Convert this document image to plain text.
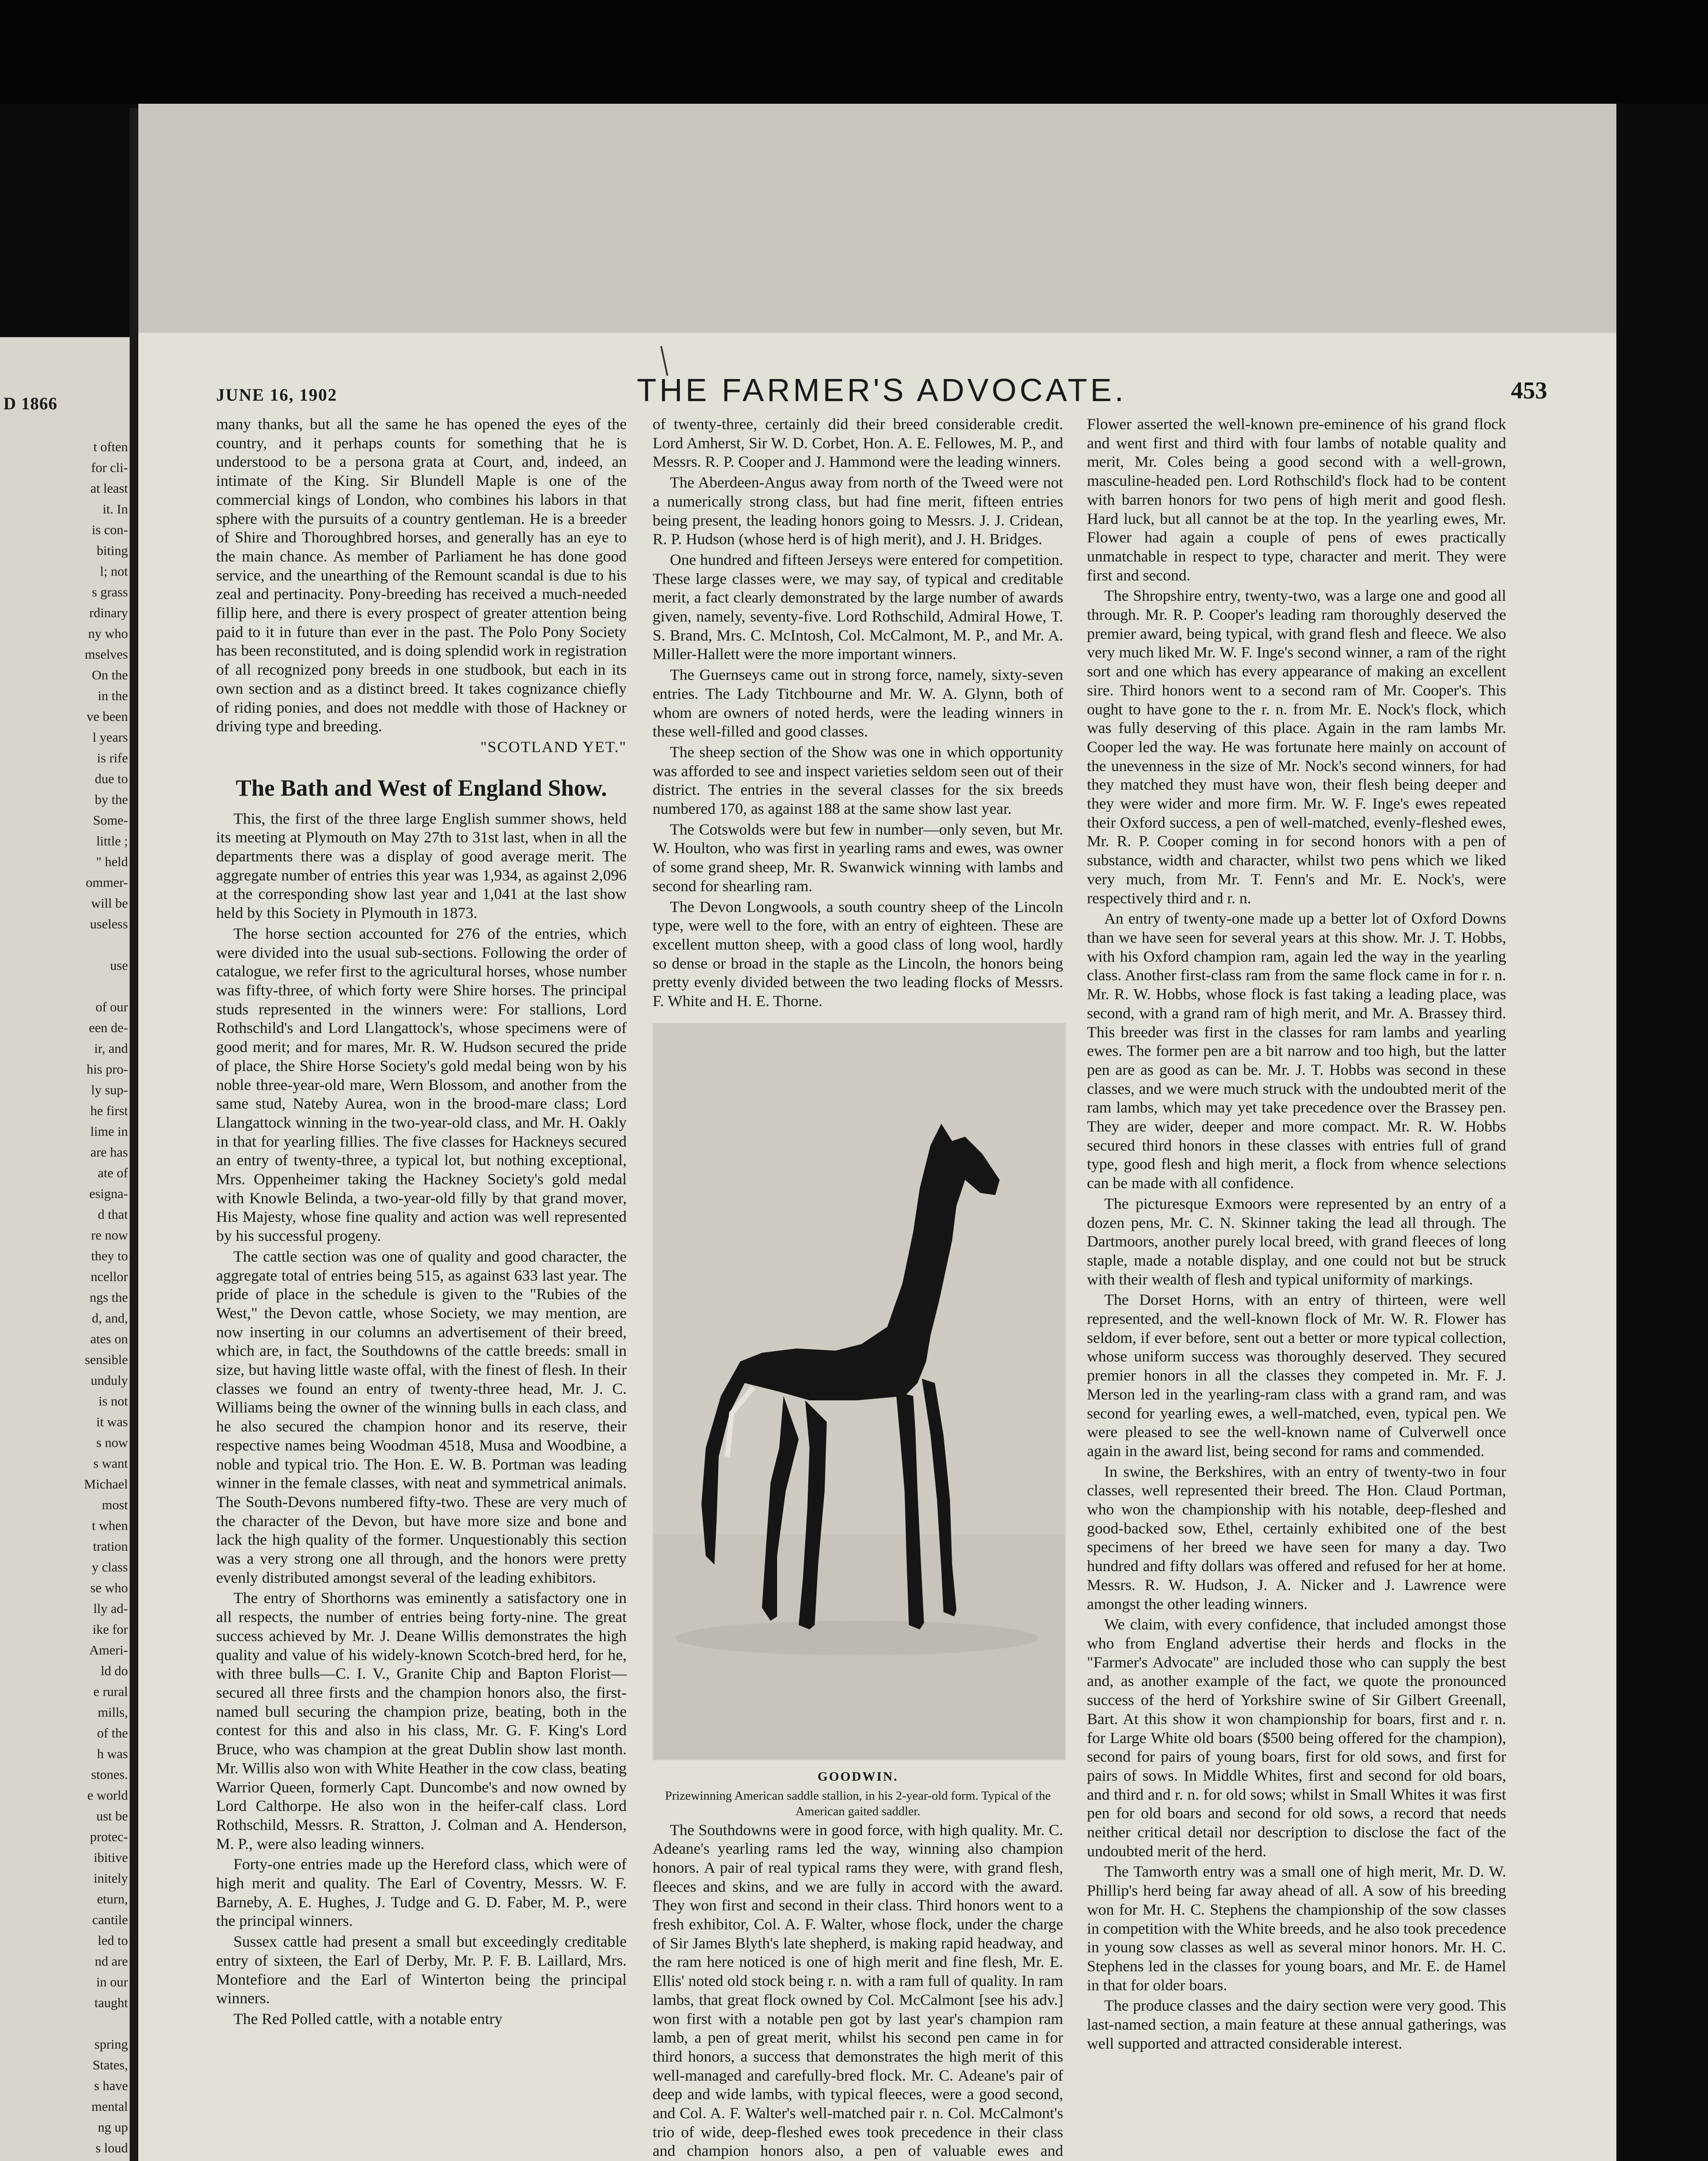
D 1866
t often
for cli-
at least
it. In
is con-
biting
l; not
s grass
rdinary
ny who
mselves
On the
in the
ve been
l years
is rife
due to
by the
Some-
little ;
" held
ommer-
will be
useless

use

of our
een de-
ir, and
his pro-
ly sup-
he first
lime in
are has
ate of
esigna-
d that
re now
they to
ncellor
ngs the
d, and,
ates on
sensible
unduly
is not
it was
s now
s want
Michael
most
t when
tration
y class
se who
lly ad-
ike for
Ameri-
ld do
e rural
mills,
of the
h was
stones.
e world
ust be
protec-
ibitive
initely
eturn,
cantile
led to
nd are
in our
taught

spring
States,
s have
mental
ng up
s loud

JUNE 16, 1902	THE FARMER'S ADVOCATE.	453

many thanks, but all the same he has opened the eyes of the country, and it perhaps counts for something that he is understood to be a persona grata at Court, and, indeed, an intimate of the King. Sir Blundell Maple is one of the commercial kings of London, who combines his labors in that sphere with the pursuits of a country gentleman. He is a breeder of Shire and Thoroughbred horses, and generally has an eye to the main chance. As member of Parliament he has done good service, and the unearthing of the Remount scandal is due to his zeal and pertinacity. Pony-breeding has received a much-needed fillip here, and there is every prospect of greater attention being paid to it in future than ever in the past. The Polo Pony Society has been reconstituted, and is doing splendid work in registration of all recognized pony breeds in one studbook, but each in its own section and as a distinct breed. It takes cognizance chiefly of riding ponies, and does not meddle with those of Hackney or driving type and breeding.

"SCOTLAND YET."

The Bath and West of England Show.

This, the first of the three large English summer shows, held its meeting at Plymouth on May 27th to 31st last, when in all the departments there was a display of good average merit. The aggregate number of entries this year was 1,934, as against 2,096 at the corresponding show last year and 1,041 at the last show held by this Society in Plymouth in 1873.

The horse section accounted for 276 of the entries, which were divided into the usual sub-sections. Following the order of catalogue, we refer first to the agricultural horses, whose number was fifty-three, of which forty were Shire horses. The principal studs represented in the winners were: For stallions, Lord Rothschild's and Lord Llangattock's, whose specimens were of good merit; and for mares, Mr. R. W. Hudson secured the pride of place, the Shire Horse Society's gold medal being won by his noble three-year-old mare, Wern Blossom, and another from the same stud, Nateby Aurea, won in the brood-mare class; Lord Llangattock winning in the two-year-old class, and Mr. H. Oakly in that for yearling fillies. The five classes for Hackneys secured an entry of twenty-three, a typical lot, but nothing exceptional, Mrs. Oppenheimer taking the Hackney Society's gold medal with Knowle Belinda, a two-year-old filly by that grand mover, His Majesty, whose fine quality and action was well represented by his successful progeny.

The cattle section was one of quality and good character, the aggregate total of entries being 515, as against 633 last year. The pride of place in the schedule is given to the "Rubies of the West," the Devon cattle, whose Society, we may mention, are now inserting in our columns an advertisement of their breed, which are, in fact, the Southdowns of the cattle breeds: small in size, but having little waste offal, with the finest of flesh. In their classes we found an entry of twenty-three head, Mr. J. C. Williams being the owner of the winning bulls in each class, and he also secured the champion honor and its reserve, their respective names being Woodman 4518, Musa and Woodbine, a noble and typical trio. The Hon. E. W. B. Portman was leading winner in the female classes, with neat and symmetrical animals. The South-Devons numbered fifty-two. These are very much of the character of the Devon, but have more size and bone and lack the high quality of the former. Unquestionably this section was a very strong one all through, and the honors were pretty evenly distributed amongst several of the leading exhibitors.

The entry of Shorthorns was eminently a satisfactory one in all respects, the number of entries being forty-nine. The great success achieved by Mr. J. Deane Willis demonstrates the high quality and value of his widely-known Scotch-bred herd, for he, with three bulls—C. I. V., Granite Chip and Bapton Florist—secured all three firsts and the champion honors also, the first-named bull securing the champion prize, beating, both in the contest for this and also in his class, Mr. G. F. King's Lord Bruce, who was champion at the great Dublin show last month. Mr. Willis also won with White Heather in the cow class, beating Warrior Queen, formerly Capt. Duncombe's and now owned by Lord Calthorpe. He also won in the heifer-calf class. Lord Rothschild, Messrs. R. Stratton, J. Colman and A. Henderson, M. P., were also leading winners.

Forty-one entries made up the Hereford class, which were of high merit and quality. The Earl of Coventry, Messrs. W. F. Barneby, A. E. Hughes, J. Tudge and G. D. Faber, M. P., were the principal winners.

Sussex cattle had present a small but exceedingly creditable entry of sixteen, the Earl of Derby, Mr. P. F. B. Laillard, Mrs. Montefiore and the Earl of Winterton being the principal winners.

The Red Polled cattle, with a notable entry

of twenty-three, certainly did their breed considerable credit. Lord Amherst, Sir W. D. Corbet, Hon. A. E. Fellowes, M. P., and Messrs. R. P. Cooper and J. Hammond were the leading winners.

The Aberdeen-Angus away from north of the Tweed were not a numerically strong class, but had fine merit, fifteen entries being present, the leading honors going to Messrs. J. J. Cridean, R. P. Hudson (whose herd is of high merit), and J. H. Bridges.

One hundred and fifteen Jerseys were entered for competition. These large classes were, we may say, of typical and creditable merit, a fact clearly demonstrated by the large number of awards given, namely, seventy-five. Lord Rothschild, Admiral Howe, T. S. Brand, Mrs. C. McIntosh, Col. McCalmont, M. P., and Mr. A. Miller-Hallett were the more important winners.

The Guernseys came out in strong force, namely, sixty-seven entries. The Lady Titchbourne and Mr. W. A. Glynn, both of whom are owners of noted herds, were the leading winners in these well-filled and good classes.

The sheep section of the Show was one in which opportunity was afforded to see and inspect varieties seldom seen out of their district. The entries in the several classes for the six breeds numbered 170, as against 188 at the same show last year.

The Cotswolds were but few in number—only seven, but Mr. W. Houlton, who was first in yearling rams and ewes, was owner of some grand sheep, Mr. R. Swanwick winning with lambs and second for shearling ram.

The Devon Longwools, a south country sheep of the Lincoln type, were well to the fore, with an entry of eighteen. These are excellent mutton sheep, with a good class of long wool, hardly so dense or broad in the staple as the Lincoln, the honors being pretty evenly divided between the two leading flocks of Messrs. F. White and H. E. Thorne.

GOODWIN.

Prizewinning American saddle stallion, in his 2-year-old form. Typical of the American gaited saddler.

The Southdowns were in good force, with high quality. Mr. C. Adeane's yearling rams led the way, winning also champion honors. A pair of real typical rams they were, with grand flesh, fleeces and skins, and we are fully in accord with the award. They won first and second in their class. Third honors went to a fresh exhibitor, Col. A. F. Walter, whose flock, under the charge of Sir James Blyth's late shepherd, is making rapid headway, and the ram here noticed is one of high merit and fine flesh, Mr. E. Ellis' noted old stock being r. n. with a ram full of quality. In ram lambs, that great flock owned by Col. McCalmont [see his adv.] won first with a notable pen got by last year's champion ram lamb, a pen of great merit, whilst his second pen came in for third honors, a success that demonstrates the high merit of this well-managed and carefully-bred flock. Mr. C. Adeane's pair of deep and wide lambs, with typical fleeces, were a good second, and Col. A. F. Walter's well-matched pair r. n. Col. McCalmont's trio of wide, deep-fleshed ewes took precedence in their class and champion honors also, a pen of valuable ewes and

Flower asserted the well-known pre-eminence of his grand flock and went first and third with four lambs of notable quality and merit, Mr. Coles being a good second with a well-grown, masculine-headed pen. Lord Rothschild's flock had to be content with barren honors for two pens of high merit and good flesh. Hard luck, but all cannot be at the top. In the yearling ewes, Mr. Flower had again a couple of pens of ewes practically unmatchable in respect to type, character and merit. They were first and second.

The Shropshire entry, twenty-two, was a large one and good all through. Mr. R. P. Cooper's leading ram thoroughly deserved the premier award, being typical, with grand flesh and fleece. We also very much liked Mr. W. F. Inge's second winner, a ram of the right sort and one which has every appearance of making an excellent sire. Third honors went to a second ram of Mr. Cooper's. This ought to have gone to the r. n. from Mr. E. Nock's flock, which was fully deserving of this place. Again in the ram lambs Mr. Cooper led the way. He was fortunate here mainly on account of the unevenness in the size of Mr. Nock's second winners, for had they matched they must have won, their flesh being deeper and they were wider and more firm. Mr. W. F. Inge's ewes repeated their Oxford success, a pen of well-matched, evenly-fleshed ewes, Mr. R. P. Cooper coming in for second honors with a pen of substance, width and character, whilst two pens which we liked very much, from Mr. T. Fenn's and Mr. E. Nock's, were respectively third and r. n.

An entry of twenty-one made up a better lot of Oxford Downs than we have seen for several years at this show. Mr. J. T. Hobbs, with his Oxford champion ram, again led the way in the yearling class. Another first-class ram from the same flock came in for r. n. Mr. R. W. Hobbs, whose flock is fast taking a leading place, was second, with a grand ram of high merit, and Mr. A. Brassey third. This breeder was first in the classes for ram lambs and yearling ewes. The former pen are a bit narrow and too high, but the latter pen are as good as can be. Mr. J. T. Hobbs was second in these classes, and we were much struck with the undoubted merit of the ram lambs, which may yet take precedence over the Brassey pen. They are wider, deeper and more compact. Mr. R. W. Hobbs secured third honors in these classes with entries full of grand type, good flesh and high merit, a flock from whence selections can be made with all confidence.

The picturesque Exmoors were represented by an entry of a dozen pens, Mr. C. N. Skinner taking the lead all through. The Dartmoors, another purely local breed, with grand fleeces of long staple, made a notable display, and one could not but be struck with their wealth of flesh and typical uniformity of markings.

The Dorset Horns, with an entry of thirteen, were well represented, and the well-known flock of Mr. W. R. Flower has seldom, if ever before, sent out a better or more typical collection, whose uniform success was thoroughly deserved. They secured premier honors in all the classes they competed in. Mr. F. J. Merson led in the yearling-ram class with a grand ram, and was second for yearling ewes, a well-matched, even, typical pen. We were pleased to see the well-known name of Culverwell once again in the award list, being second for rams and commended.

In swine, the Berkshires, with an entry of twenty-two in four classes, well represented their breed. The Hon. Claud Portman, who won the championship with his notable, deep-fleshed and good-backed sow, Ethel, certainly exhibited one of the best specimens of her breed we have seen for many a day. Two hundred and fifty dollars was offered and refused for her at home. Messrs. R. W. Hudson, J. A. Nicker and J. Lawrence were amongst the other leading winners.

We claim, with every confidence, that included amongst those who from England advertise their herds and flocks in the "Farmer's Advocate" are included those who can supply the best and, as another example of the fact, we quote the pronounced success of the herd of Yorkshire swine of Sir Gilbert Greenall, Bart. At this show it won championship for boars, first and r. n. for Large White old boars ($500 being offered for the champion), second for pairs of young boars, first for old sows, and first for pairs of sows. In Middle Whites, first and second for old boars, and third and r. n. for old sows; whilst in Small Whites it was first pen for old boars and second for old sows, a record that needs neither critical detail nor description to disclose the fact of the undoubted merit of the herd.

The Tamworth entry was a small one of high merit, Mr. D. W. Phillip's herd being far away ahead of all. A sow of his breeding won for Mr. H. C. Stephens the championship of the sow classes in competition with the White breeds, and he also took precedence in young sow classes as well as several minor honors. Mr. H. C. Stephens led in the classes for young boars, and Mr. E. de Hamel in that for older boars.

The produce classes and the dairy section were very good. This last-named section, a main feature at these annual gatherings, was well supported and attracted considerable interest.
